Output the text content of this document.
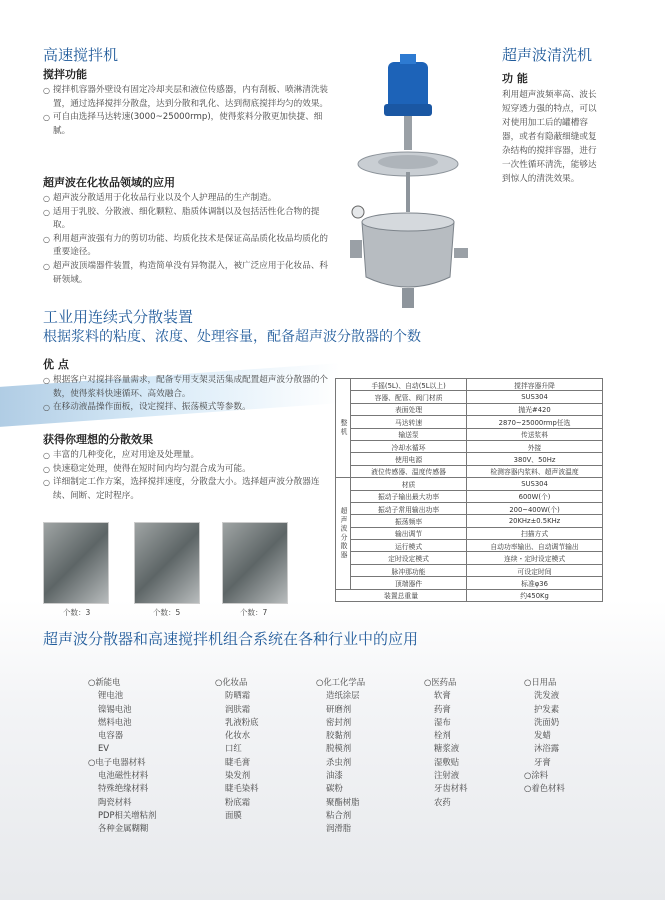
高速搅拌机
搅拌功能
○ 搅拌机容器外壁设有固定冷却夹层和液位传感器，内有刮板、喷淋清洗装置，通过选择搅拌分散盘，达到分散和乳化、达到彻底搅拌均匀的效果。
○ 可自由选择马达转速(3000~25000rmp)，使得浆料分散更加快捷、细腻。
超声波在化妆品领域的应用
○ 超声波分散适用于化妆品行业以及个人护理品的生产制造。
○ 适用于乳胶、分散液、细化颗粒、脂质体调制以及包括活性化合物的提取。
○ 利用超声波强有力的剪切功能、均质化技术是保证高品质化妆品均质化的重要途径。
○ 超声波顶端器件装置，构造简单没有异物混入，被广泛应用于化妆品、科研领域。
超声波清洗机
功 能
利用超声波频率高、波长短穿透力强的特点，可以对使用加工后的罐槽容器，或者有隐蔽细缝或复杂结构的搅拌容器，进行一次性循环清洗，能够达到惊人的清洗效果。
工业用连续式分散装置
根据浆料的粘度、浓度、处理容量，配备超声波分散器的个数
优 点
○ 根据客户对搅拌容量需求，配备专用支架灵活集成配置超声波分散器的个数，使得浆料快速循环、高效融合。
○ 在移动液晶操作面板，设定搅拌、振荡模式等参数。
获得你理想的分散效果
○ 丰富的几种变化，应对用途及处理量。
○ 快速稳定处理，使得在短时间内均匀混合成为可能。
○ 详细制定工作方案，选择搅拌速度，分散盘大小。选择超声波分散器连续、间断、定时程序。
个数：3	个数：5	个数：7
整机	手摇(5L)、自动(5L以上)	搅拌容器升降
	容器、配管、阀门材质	SUS304
	表面处理	抛光#420
	马达转速	2870~25000rmp任选
	输送泵	传送浆料
	冷却水循环	外接
	使用电源	380V、50Hz
	液位传感器、温度传感器	检测容器内浆料、超声波温度
超声波分散器	材质	SUS304
	振动子输出最大功率	600W(个)
	振动子常用输出功率	200~400W(个)
	振荡频率	20KHz±0.5KHz
	输出调节	扫描方式
	运行模式	自动功率输出、自动调节输出
	定时设定模式	连续・定时设定模式
	脉冲那功能	可设定时间
	顶端器件	标准φ36
装置总重量		约450Kg
超声波分散器和高速搅拌机组合系统在各种行业中的应用
○新能电
锂电池
镍锡电池
燃料电池
电容器
EV
○电子电器材料
电池磁性材料
特殊绝缘材料
陶瓷材料
PDP相关增粘剂
各种金属糊糊
○化妆品
防晒霜
润肤霜
乳液粉底
化妆水
口红
睫毛膏
染发剂
睫毛染料
粉底霜
面膜
○化工化学品
造纸涂层
研磨剂
密封剂
胶黏剂
脱模剂
杀虫剂
油漆
碳粉
聚酯树脂
粘合剂
润滑脂
○医药品
软膏
药膏
湿布
栓剂
糖浆液
湿敷贴
注射液
牙齿材料
农药
○日用品
洗发液
护发素
洗面奶
发蜡
沐浴露
牙膏
○涂料
○着色材料
